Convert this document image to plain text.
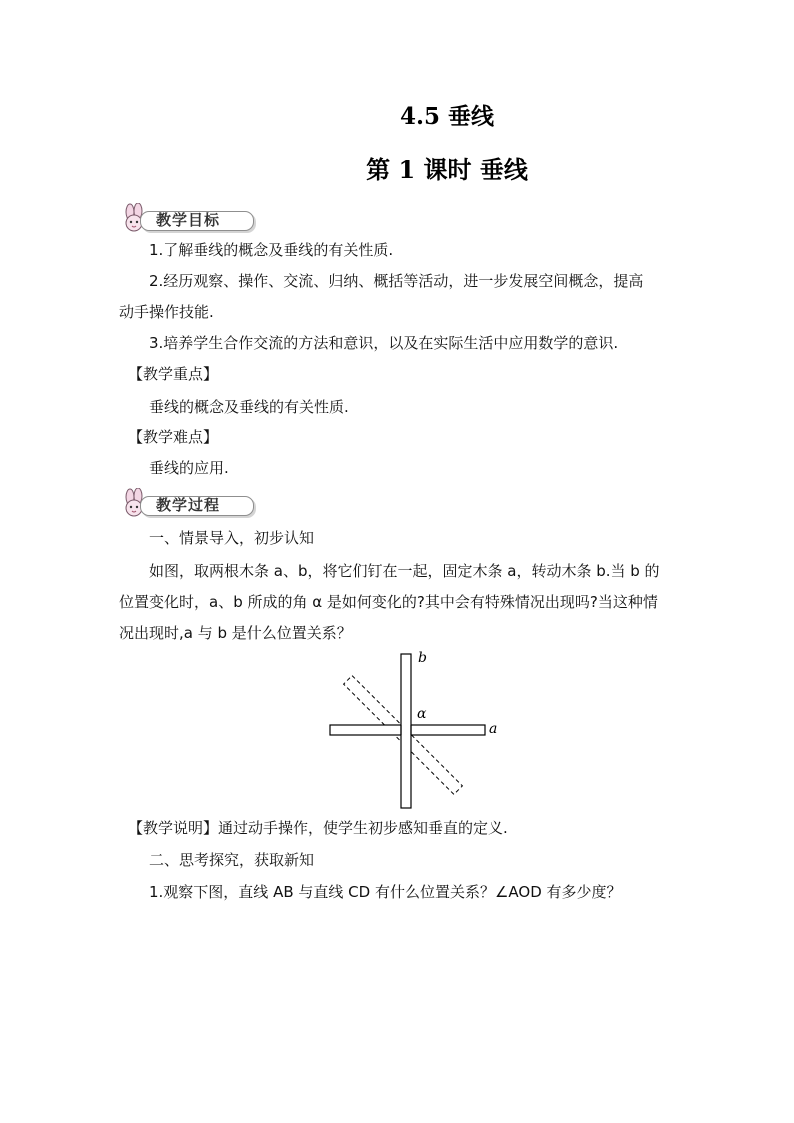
4.5 垂线
第 1 课时 垂线
教学目标
1.了解垂线的概念及垂线的有关性质.
2.经历观察、操作、交流、归纳、概括等活动，进一步发展空间概念，提高
动手操作技能.
3.培养学生合作交流的方法和意识，以及在实际生活中应用数学的意识.
【教学重点】
垂线的概念及垂线的有关性质.
【教学难点】
垂线的应用.
教学过程
一、情景导入，初步认知
如图，取两根木条 a、b，将它们钉在一起，固定木条 a，转动木条 b.当 b 的
位置变化时，a、b 所成的角 α 是如何变化的?其中会有特殊情况出现吗?当这种情
况出现时,a 与 b 是什么位置关系？
b
α
a
【教学说明】通过动手操作，使学生初步感知垂直的定义.
二、思考探究，获取新知
1.观察下图，直线 AB 与直线 CD 有什么位置关系？∠AOD 有多少度？
